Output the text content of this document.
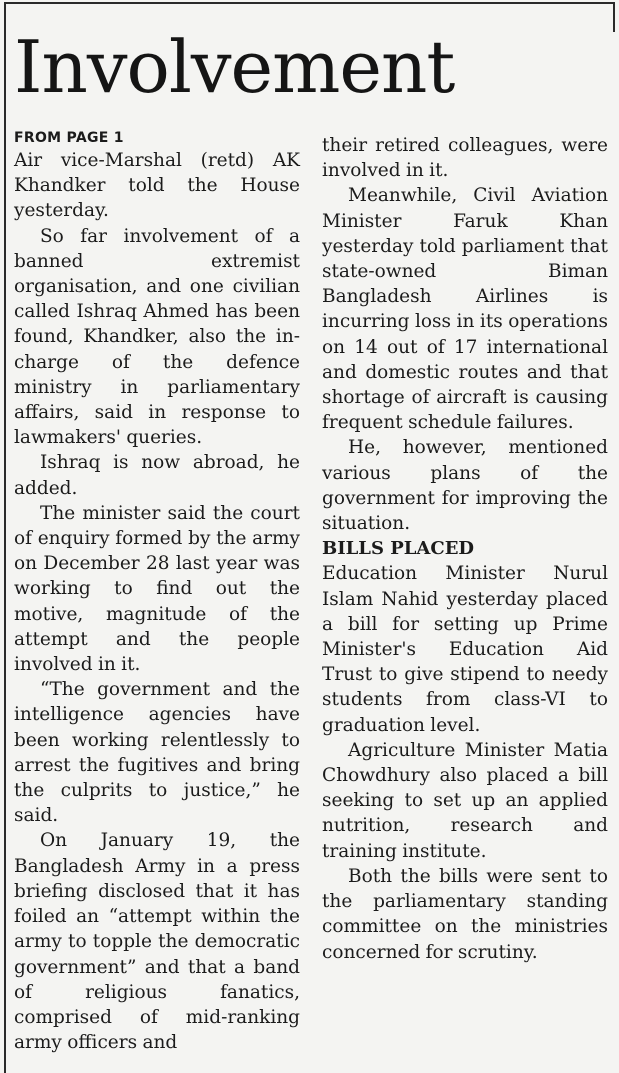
Involvement
FROM PAGE 1

Air vice-Marshal (retd) AK Khandker told the House yesterday.

So far involvement of a banned extremist organisation, and one civilian called Ishraq Ahmed has been found, Khandker, also the in-charge of the defence ministry in parliamentary affairs, said in response to lawmakers' queries.

Ishraq is now abroad, he added.

The minister said the court of enquiry formed by the army on December 28 last year was working to find out the motive, magnitude of the attempt and the people involved in it.

“The government and the intelligence agencies have been working relentlessly to arrest the fugitives and bring the culprits to justice,” he said.

On January 19, the Bangladesh Army in a press briefing disclosed that it has foiled an “attempt within the army to topple the democratic government” and that a band of religious fanatics, comprised of mid-ranking army officers and

their retired colleagues, were involved in it.

Meanwhile, Civil Aviation Minister Faruk Khan yesterday told parliament that state-owned Biman Bangladesh Airlines is incurring loss in its operations on 14 out of 17 international and domestic routes and that shortage of aircraft is causing frequent schedule failures.

He, however, mentioned various plans of the government for improving the situation.

BILLS PLACED

Education Minister Nurul Islam Nahid yesterday placed a bill for setting up Prime Minister's Education Aid Trust to give stipend to needy students from class-VI to graduation level.

Agriculture Minister Matia Chowdhury also placed a bill seeking to set up an applied nutrition, research and training institute.

Both the bills were sent to the parliamentary standing committee on the ministries concerned for scrutiny.
